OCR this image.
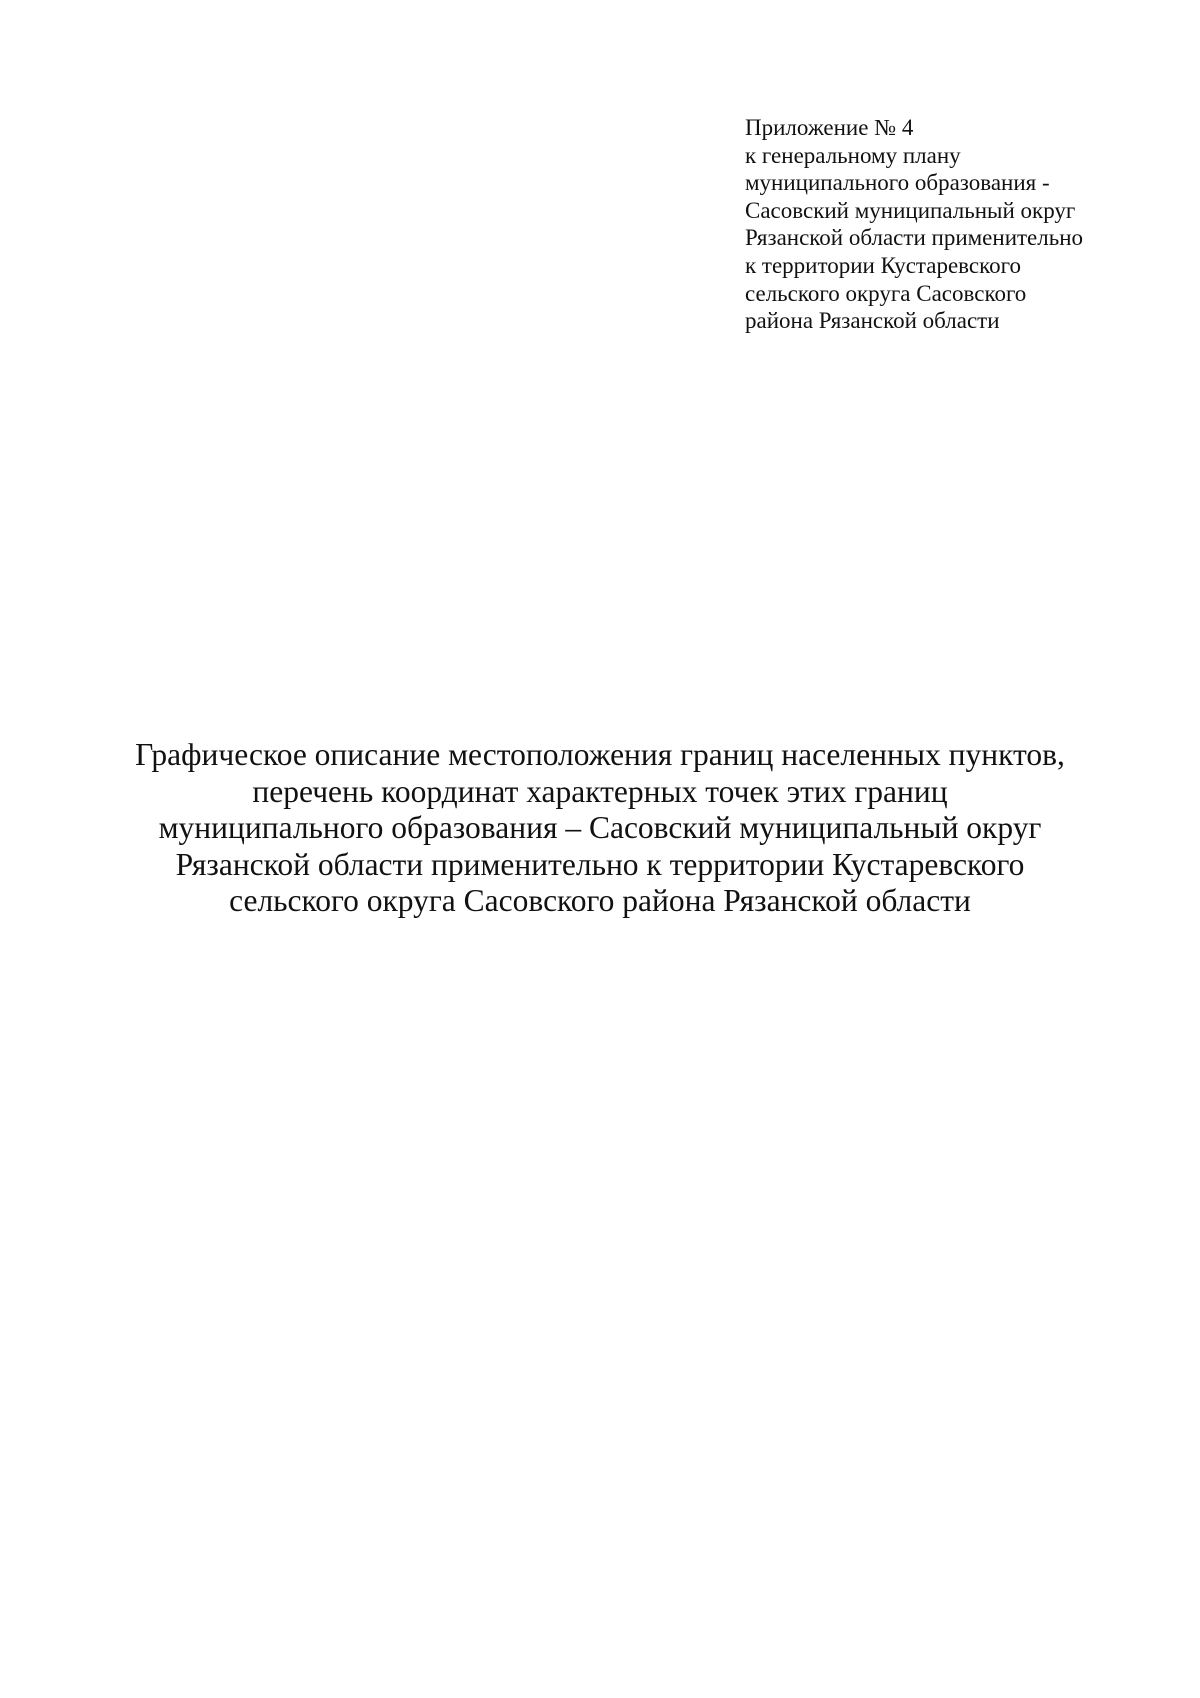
Приложение № 4
к генеральному плану
муниципального образования -
Сасовский муниципальный округ
Рязанской области применительно
к территории Кустаревского
сельского округа Сасовского
района Рязанской области
Графическое описание местоположения границ населенных пунктов,
перечень координат характерных точек этих границ
муниципального образования – Сасовский муниципальный округ
Рязанской области применительно к территории Кустаревского
сельского округа Сасовского района Рязанской области
